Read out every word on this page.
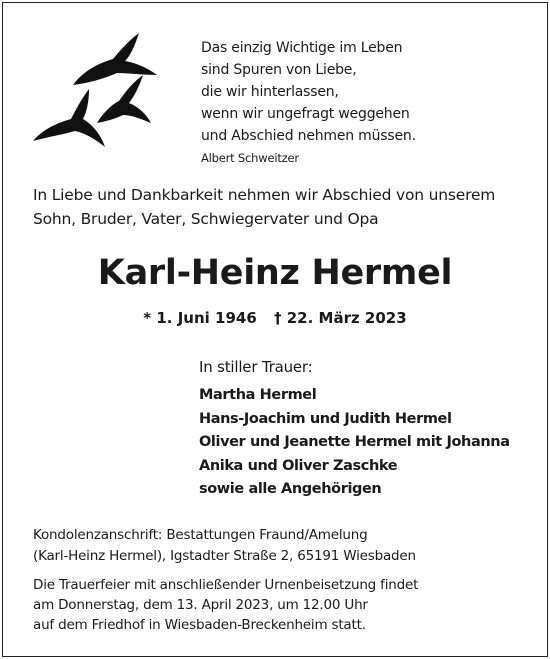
Das einzig Wichtige im Leben
sind Spuren von Liebe,
die wir hinterlassen,
wenn wir ungefragt weggehen
und Abschied nehmen müssen.
Albert Schweitzer
In Liebe und Dankbarkeit nehmen wir Abschied von unserem
Sohn, Bruder, Vater, Schwiegervater und Opa
Karl-Heinz Hermel
* 1. Juni 1946 † 22. März 2023
In stiller Trauer:
Martha Hermel
Hans-Joachim und Judith Hermel
Oliver und Jeanette Hermel mit Johanna
Anika und Oliver Zaschke
sowie alle Angehörigen
Kondolenzanschrift: Bestattungen Fraund/Amelung
(Karl-Heinz Hermel), Igstadter Straße 2, 65191 Wiesbaden
Die Trauerfeier mit anschließender Urnenbeisetzung findet
am Donnerstag, dem 13. April 2023, um 12.00 Uhr
auf dem Friedhof in Wiesbaden-Breckenheim statt.
